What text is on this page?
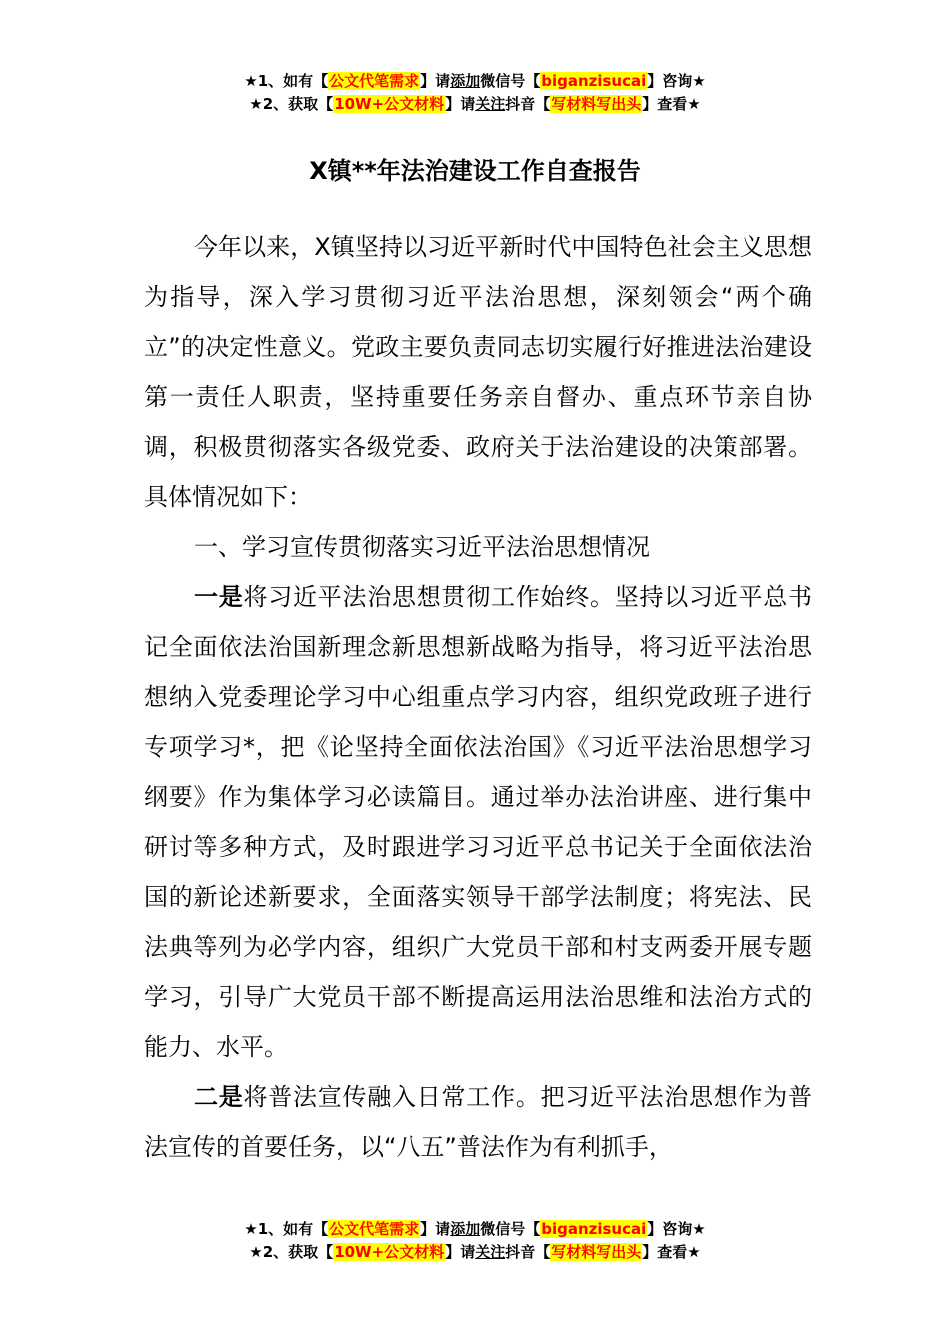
★1、如有【公文代笔需求】请添加微信号【biganzisucai】咨询★
★2、获取【10W+公文材料】请关注抖音【写材料写出头】查看★
X镇**年法治建设工作自查报告

今年以来，X镇坚持以习近平新时代中国特色社会主义思想为指导，深入学习贯彻习近平法治思想，深刻领会“两个确立”的决定性意义。党政主要负责同志切实履行好推进法治建设第一责任人职责，坚持重要任务亲自督办、重点环节亲自协调，积极贯彻落实各级党委、政府关于法治建设的决策部署。具体情况如下：

一、学习宣传贯彻落实习近平法治思想情况

一是将习近平法治思想贯彻工作始终。坚持以习近平总书记全面依法治国新理念新思想新战略为指导，将习近平法治思想纳入党委理论学习中心组重点学习内容，组织党政班子进行专项学习*，把《论坚持全面依法治国》《习近平法治思想学习纲要》作为集体学习必读篇目。通过举办法治讲座、进行集中研讨等多种方式，及时跟进学习习近平总书记关于全面依法治国的新论述新要求，全面落实领导干部学法制度；将宪法、民法典等列为必学内容，组织广大党员干部和村支两委开展专题学习，引导广大党员干部不断提高运用法治思维和法治方式的能力、水平。

二是将普法宣传融入日常工作。把习近平法治思想作为普法宣传的首要任务，以“八五”普法作为有利抓手，

★1、如有【公文代笔需求】请添加微信号【biganzisucai】咨询★
★2、获取【10W+公文材料】请关注抖音【写材料写出头】查看★
